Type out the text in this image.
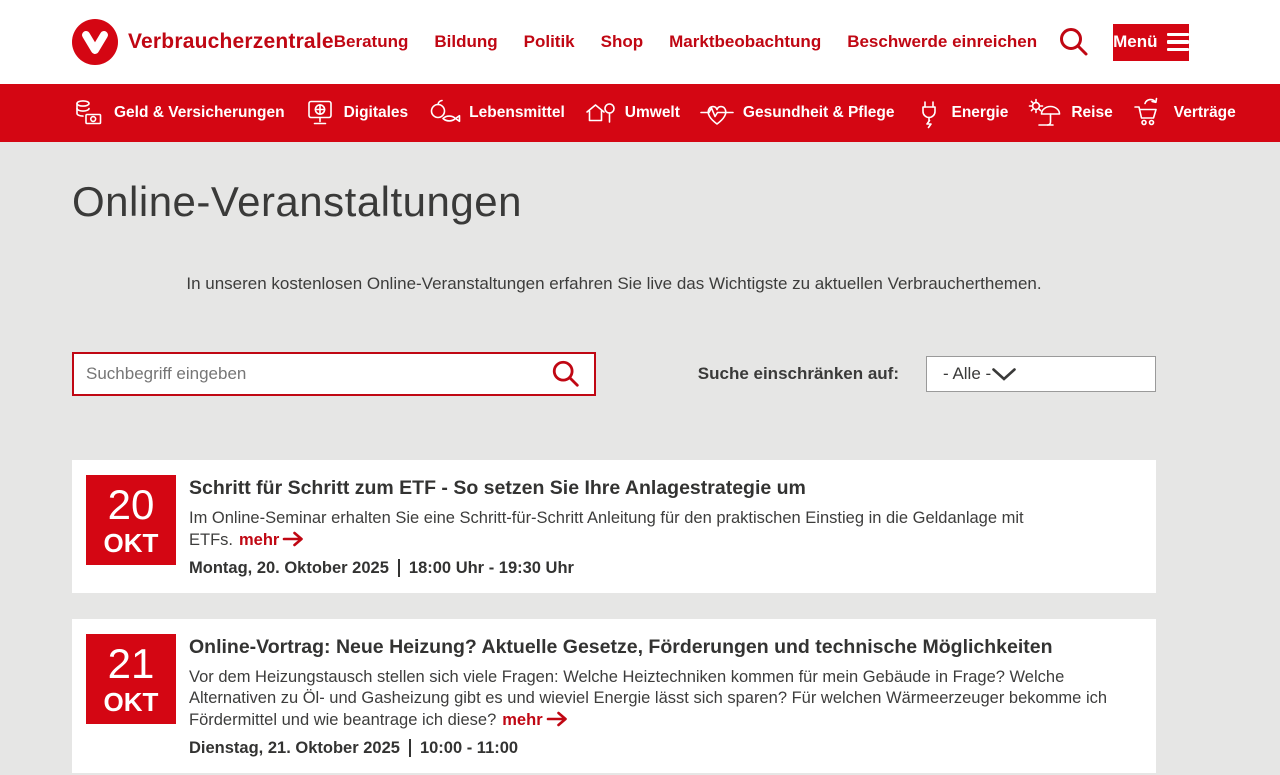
Verbraucherzentrale Beratung Bildung Politik Shop Marktbeobachtung Beschwerde einreichen	Menü
Geld & Versicherungen	Digitales	Lebensmittel	Umwelt	Gesundheit & Pflege	Energie	Reise	Verträge
Online-Veranstaltungen

In unseren kostenlosen Online-Veranstaltungen erfahren Sie live das Wichtigste zu aktuellen Verbraucherthemen.

Suchbegriff eingeben
Suche einschränken auf:	- Alle -
20
OKT
Schritt für Schritt zum ETF - So setzen Sie Ihre Anlagestrategie um

Im Online-Seminar erhalten Sie eine Schritt-für-Schritt Anleitung für den praktischen Einstieg in die Geldanlage mit ETFs. mehr

Montag, 20. Oktober 2025 18:00 Uhr - 19:30 Uhr

21
OKT
Online-Vortrag: Neue Heizung? Aktuelle Gesetze, Förderungen und technische Möglichkeiten

Vor dem Heizungstausch stellen sich viele Fragen: Welche Heiztechniken kommen für mein Gebäude in Frage? Welche Alternativen zu Öl- und Gasheizung gibt es und wieviel Energie lässt sich sparen? Für welchen Wärmeerzeuger bekomme ich Fördermittel und wie beantrage ich diese? mehr

Dienstag, 21. Oktober 2025 10:00 - 11:00
